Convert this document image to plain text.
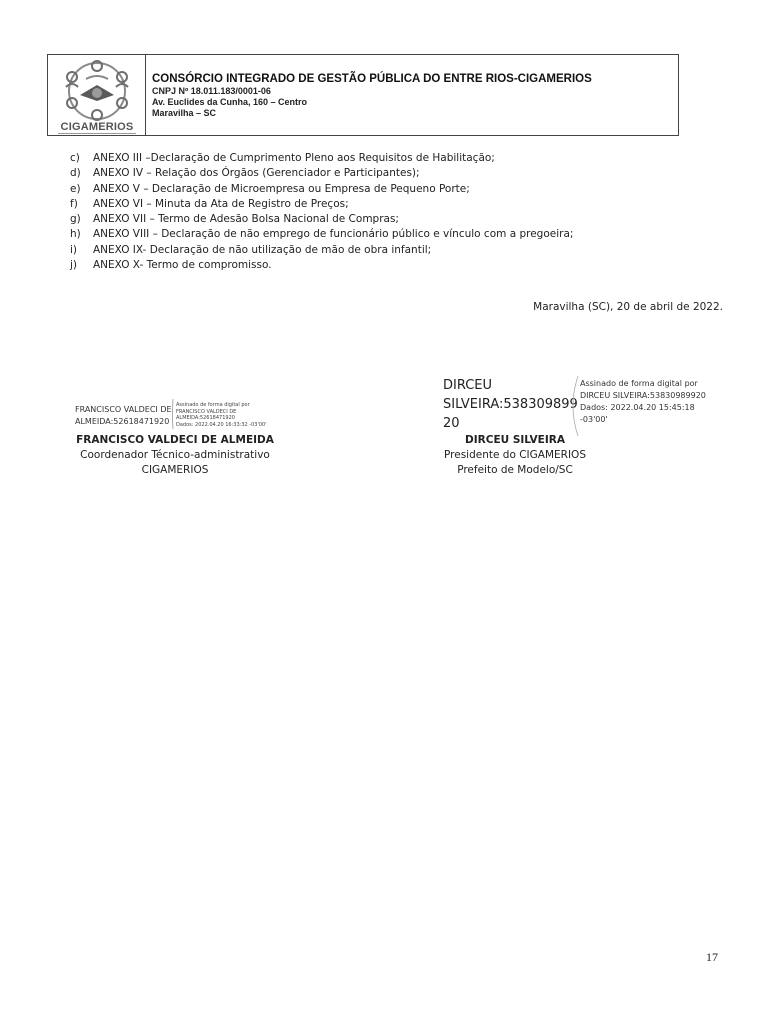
CIGAMERIOS
CONSÓRCIO INTEGRADO DE GESTÃO PÚBLICA DO ENTRE RIOS-CIGAMERIOS
CNPJ Nº 18.011.183/0001-06
Av. Euclides da Cunha, 160 – Centro
Maravilha – SC
c) ANEXO III –Declaração de Cumprimento Pleno aos Requisitos de Habilitação;
d) ANEXO IV – Relação dos Órgãos (Gerenciador e Participantes);
e) ANEXO V – Declaração de Microempresa ou Empresa de Pequeno Porte;
f) ANEXO VI – Minuta da Ata de Registro de Preços;
g) ANEXO VII – Termo de Adesão Bolsa Nacional de Compras;
h) ANEXO VIII – Declaração de não emprego de funcionário público e vínculo com a pregoeira;
i) ANEXO IX- Declaração de não utilização de mão de obra infantil;
j) ANEXO X- Termo de compromisso.
Maravilha (SC), 20 de abril de 2022.
FRANCISCO VALDECI DE
ALMEIDA:52618471920
Assinado de forma digital por
FRANCISCO VALDECI DE
ALMEIDA:52618471920
Dados: 2022.04.20 16:33:32 -03'00'
DIRCEU
SILVEIRA:538309899
20
Assinado de forma digital por
DIRCEU SILVEIRA:53830989920
Dados: 2022.04.20 15:45:18
-03'00'
FRANCISCO VALDECI DE ALMEIDA
Coordenador Técnico-administrativo
CIGAMERIOS
DIRCEU SILVEIRA
Presidente do CIGAMERIOS
Prefeito de Modelo/SC
17
